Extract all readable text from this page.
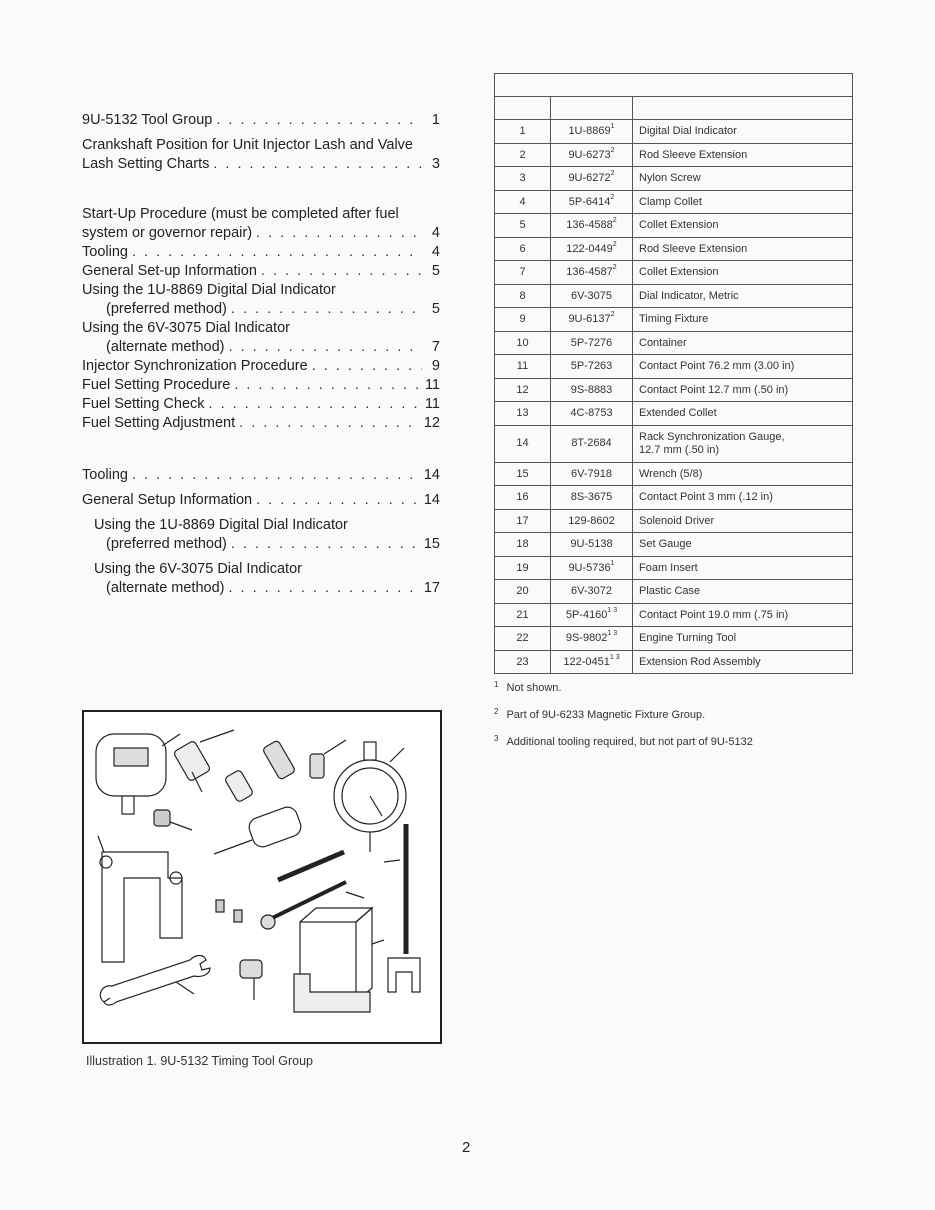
9U-5132 Tool Group . . .	1
Crankshaft Position for Unit Injector Lash and Valve
Lash Setting Charts . . .	3
Start-Up Procedure (must be completed after fuel
system or governor repair) . . .	4
Tooling . . .	4
General Set-up Information . . .	5
Using the 1U-8869 Digital Dial Indicator
(preferred method) . . .	5
Using the 6V-3075 Dial Indicator
(alternate method) . . .	7
Injector Synchronization Procedure . . .	9
Fuel Setting Procedure . . .	11
Fuel Setting Check . . .	11
Fuel Setting Adjustment . . .	12
Tooling . . .	14
General Setup Information . . .	14
Using the 1U-8869 Digital Dial Indicator
(preferred method) . . .	15
Using the 6V-3075 Dial Indicator
(alternate method) . . .	17

1	1U-8869$^1$	Digital Dial Indicator

2	9U-6273$^2$	Rod Sleeve Extension

3	9U-6272$^2$	Nylon Screw

4	5P-6414$^2$	Clamp Collet

5	136-4588$^2$	Collet Extension

6	122-0449$^2$	Rod Sleeve Extension

7	136-4587$^2$	Collet Extension

8	6V-3075	Dial Indicator, Metric

9	9U-6137$^2$	Timing Fixture

10	5P-7276	Container

11	5P-7263	Contact Point 76.2 mm (3.00 in)

12	9S-8883	Contact Point 12.7 mm (.50 in)

13	4C-8753	Extended Collet

14	8T-2684	Rack Synchronization Gauge,
12.7 mm (.50 in)

15	6V-7918	Wrench (5/8)

16	8S-3675	Contact Point 3 mm (.12 in)

17	129-8602	Solenoid Driver

18	9U-5138	Set Gauge

19	9U-5736$^1$	Foam Insert

20	6V-3072	Plastic Case

21	$5P-4160^{1 3}$	Contact Point 19.0 mm (.75 in)

22	$9S-9802^{1 3}$	Engine Turning Tool

23	$122-0451^{1 3}$	Extension Rod Assembly
$^1$ Not shown.
$^2$ Part of 9U-6233 Magnetic Fixture Group.
$^3$ Additional tooling required, but not part of 9U-5132
Illustration 1. 9U-5132 Timing Tool Group
2
